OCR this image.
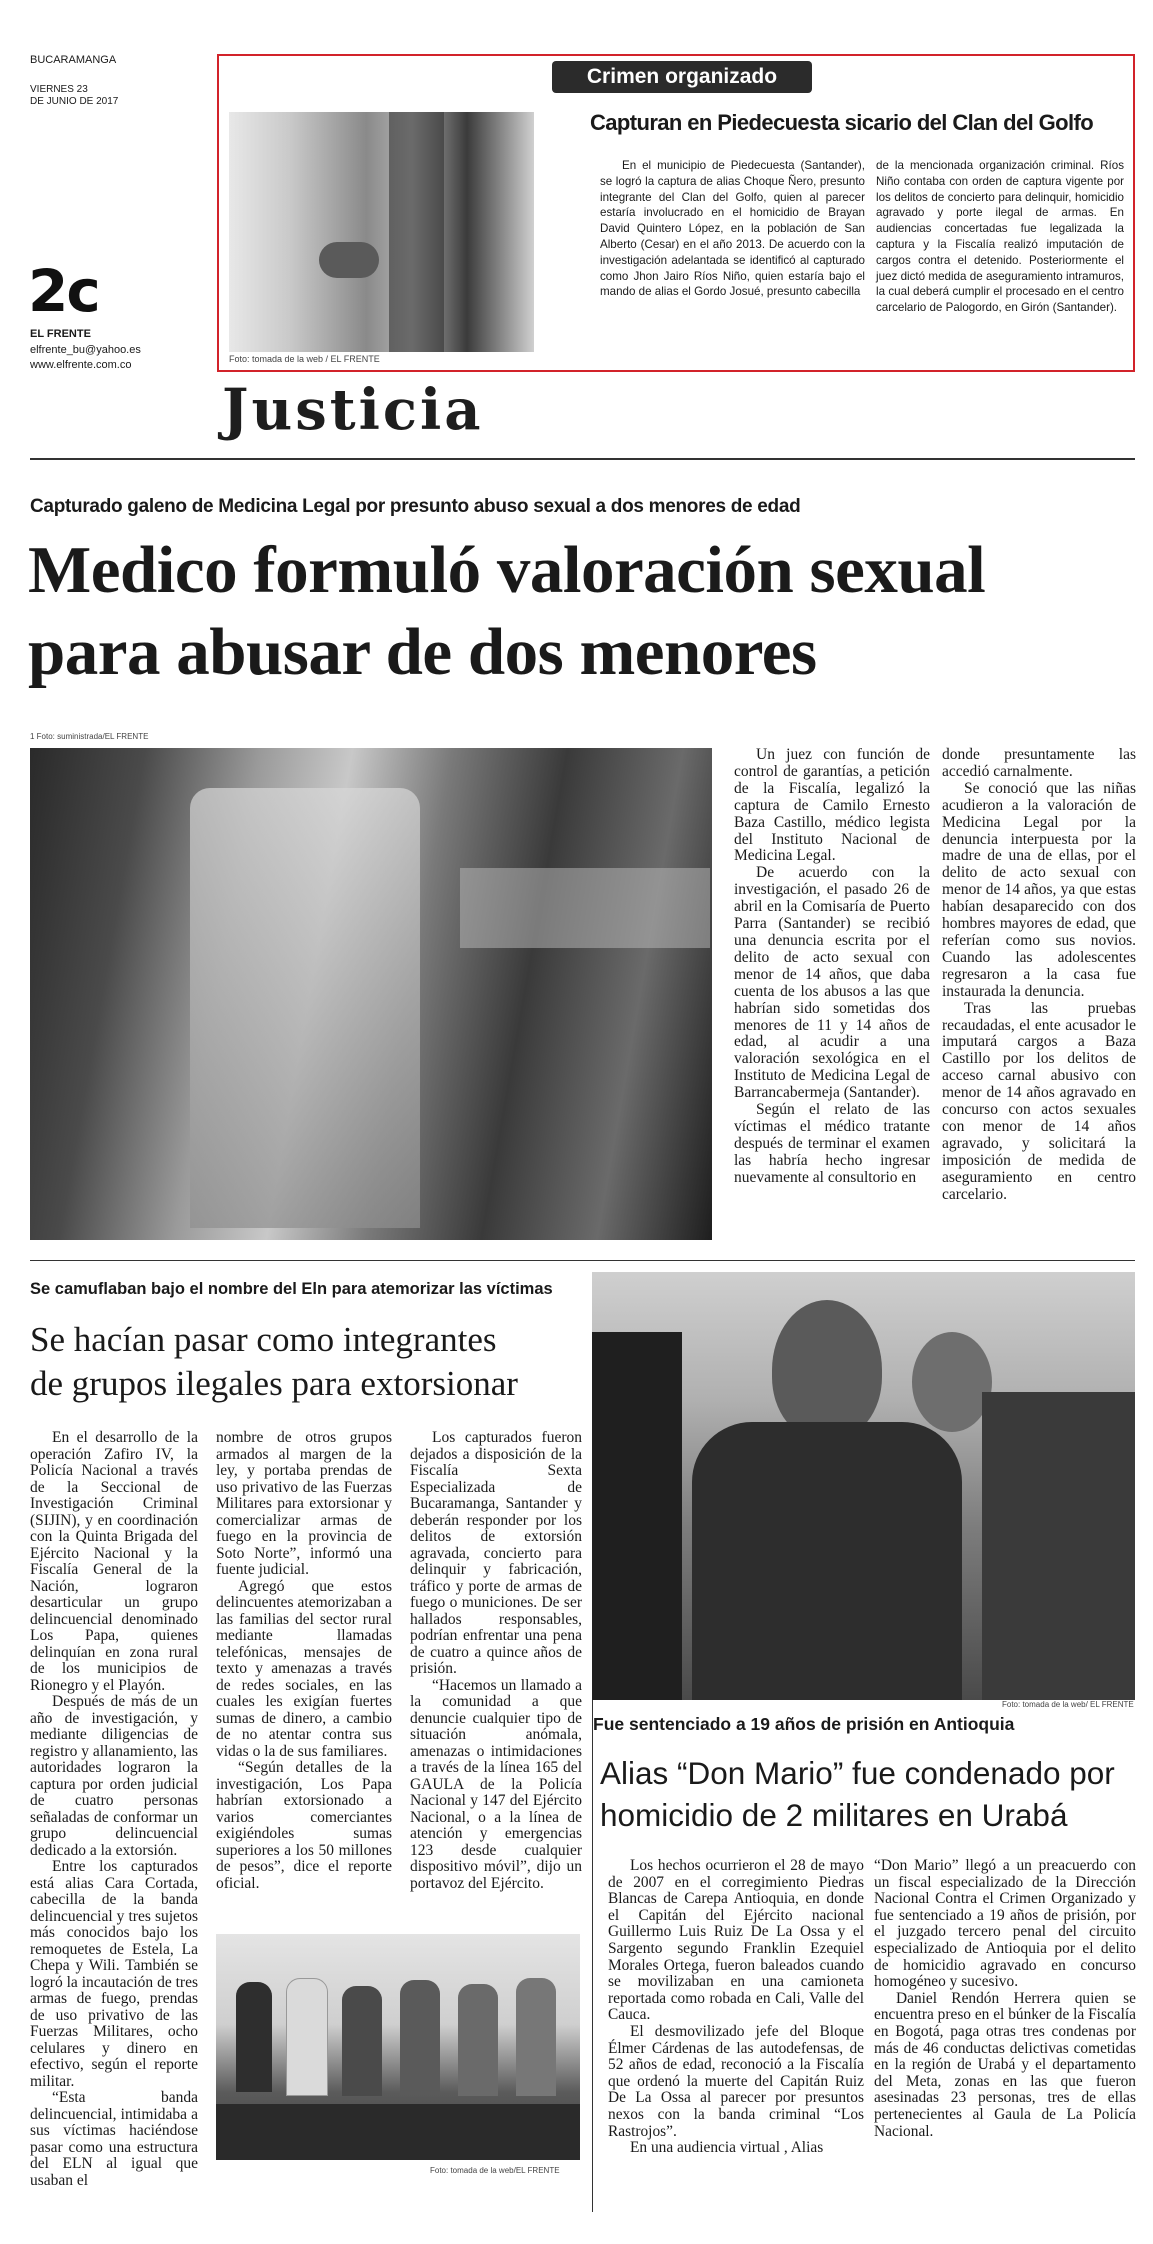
BUCARAMANGA
VIERNES 23
DE JUNIO DE 2017
2c
EL FRENTE
elfrente_bu@yahoo.es
www.elfrente.com.co	Foto: tomada de la web / EL FRENTE
Crimen organizado
Capturan en Piedecuesta sicario del Clan del Golfo

En el municipio de Piedecuesta (Santander), se logró la captura de alias Choque Ñero, presunto integrante del Clan del Golfo, quien al parecer estaría involucrado en el homicidio de Brayan David Quintero López, en la población de San Alberto (Cesar) en el año 2013. De acuerdo con la investigación adelantada se identificó al capturado como Jhon Jairo Ríos Niño, quien estaría bajo el mando de alias el Gordo Josué, presunto cabecilla

de la mencionada organización criminal. Ríos Niño contaba con orden de captura vigente por los delitos de concierto para delinquir, homicidio agravado y porte ilegal de armas. En audiencias concertadas fue legalizada la captura y la Fiscalía realizó imputación de cargos contra el detenido. Posteriormente el juez dictó medida de aseguramiento intramuros, la cual deberá cumplir el procesado en el centro carcelario de Palogordo, en Girón (Santander).

Justicia
Capturado galeno de Medicina Legal por presunto abuso sexual a dos menores de edad
Medico formuló valoración sexual
para abusar de dos menores
1 Foto: suministrada/EL FRENTE

Un juez con función de control de garantías, a petición de la Fiscalía, legalizó la captura de Camilo Ernesto Baza Castillo, médico legista del Instituto Nacional de Medicina Legal.

De acuerdo con la investigación, el pasado 26 de abril en la Comisaría de Puerto Parra (Santander) se recibió una denuncia escrita por el delito de acto sexual con menor de 14 años, que daba cuenta de los abusos a las que habrían sido sometidas dos menores de 11 y 14 años de edad, al acudir a una valoración sexológica en el Instituto de Medicina Legal de Barrancabermeja (Santander).

Según el relato de las víctimas el médico tratante después de terminar el examen las habría hecho ingresar nuevamente al consultorio en

donde presuntamente las accedió carnalmente.

Se conoció que las niñas acudieron a la valoración de Medicina Legal por la denuncia interpuesta por la madre de una de ellas, por el delito de acto sexual con menor de 14 años, ya que estas habían desaparecido con dos hombres mayores de edad, que referían como sus novios. Cuando las adolescentes regresaron a la casa fue instaurada la denuncia.

Tras las pruebas recaudadas, el ente acusador le imputará cargos a Baza Castillo por los delitos de acceso carnal abusivo con menor de 14 años agravado en concurso con actos sexuales con menor de 14 años agravado, y solicitará la imposición de medida de aseguramiento en centro carcelario.

Se camuflaban bajo el nombre del Eln para atemorizar las víctimas
Se hacían pasar como integrantes
de grupos ilegales para extorsionar

En el desarrollo de la operación Zafiro IV, la Policía Nacional a través de la Seccional de Investigación Criminal (SIJIN), y en coordinación con la Quinta Brigada del Ejército Nacional y la Fiscalía General de la Nación, lograron desarticular un grupo delincuencial denominado Los Papa, quienes delinquían en zona rural de los municipios de Rionegro y el Playón.

Después de más de un año de investigación, y mediante diligencias de registro y allanamiento, las autoridades lograron la captura por orden judicial de cuatro personas señaladas de conformar un grupo delincuencial dedicado a la extorsión.

Entre los capturados está alias Cara Cortada, cabecilla de la banda delincuencial y tres sujetos más conocidos bajo los remoquetes de Estela, La Chepa y Wili. También se logró la incautación de tres armas de fuego, prendas de uso privativo de las Fuerzas Militares, ocho celulares y dinero en efectivo, según el reporte militar.

“Esta banda delincuencial, intimidaba a sus víctimas haciéndose pasar como una estructura del ELN al igual que usaban el

nombre de otros grupos armados al margen de la ley, y portaba prendas de uso privativo de las Fuerzas Militares para extorsionar y comercializar armas de fuego en la provincia de Soto Norte”, informó una fuente judicial.

Agregó que estos delincuentes atemorizaban a las familias del sector rural mediante llamadas telefónicas, mensajes de texto y amenazas a través de redes sociales, en las cuales les exigían fuertes sumas de dinero, a cambio de no atentar contra sus vidas o la de sus familiares.

“Según detalles de la investigación, Los Papa habrían extorsionado a varios comerciantes exigiéndoles sumas superiores a los 50 millones de pesos”, dice el reporte oficial.

Los capturados fueron dejados a disposición de la Fiscalía Sexta Especializada de Bucaramanga, Santander y deberán responder por los delitos de extorsión agravada, concierto para delinquir y fabricación, tráfico y porte de armas de fuego o municiones. De ser hallados responsables, podrían enfrentar una pena de cuatro a quince años de prisión.

“Hacemos un llamado a la comunidad a que denuncie cualquier tipo de situación anómala, amenazas o intimidaciones a través de la línea 165 del GAULA de la Policía Nacional y 147 del Ejército Nacional, o a la línea de atención y emergencias 123 desde cualquier dispositivo móvil”, dijo un portavoz del Ejército.

Foto: tomada de la web/EL FRENTE
Foto: tomada de la web/ EL FRENTE
Fue sentenciado a 19 años de prisión en Antioquia
Alias “Don Mario” fue condenado por
homicidio de 2 militares en Urabá

Los hechos ocurrieron el 28 de mayo de 2007 en el corregimiento Piedras Blancas de Carepa Antioquia, en donde el Capitán del Ejército nacional Guillermo Luis Ruiz De La Ossa y el Sargento segundo Franklin Ezequiel Morales Ortega, fueron baleados cuando se movilizaban en una camioneta reportada como robada en Cali, Valle del Cauca.

El desmovilizado jefe del Bloque Élmer Cárdenas de las autodefensas, de 52 años de edad, reconoció a la Fiscalía que ordenó la muerte del Capitán Ruiz De La Ossa al parecer por presuntos nexos con la banda criminal “Los Rastrojos”.

En una audiencia virtual , Alias

“Don Mario” llegó a un preacuerdo con un fiscal especializado de la Dirección Nacional Contra el Crimen Organizado y fue sentenciado a 19 años de prisión, por el juzgado tercero penal del circuito especializado de Antioquia por el delito de homicidio agravado en concurso homogéneo y sucesivo.

Daniel Rendón Herrera quien se encuentra preso en el búnker de la Fiscalía en Bogotá, paga otras tres condenas por más de 46 conductas delictivas cometidas en la región de Urabá y el departamento del Meta, zonas en las que fueron asesinadas 23 personas, tres de ellas pertenecientes al Gaula de La Policía Nacional.
